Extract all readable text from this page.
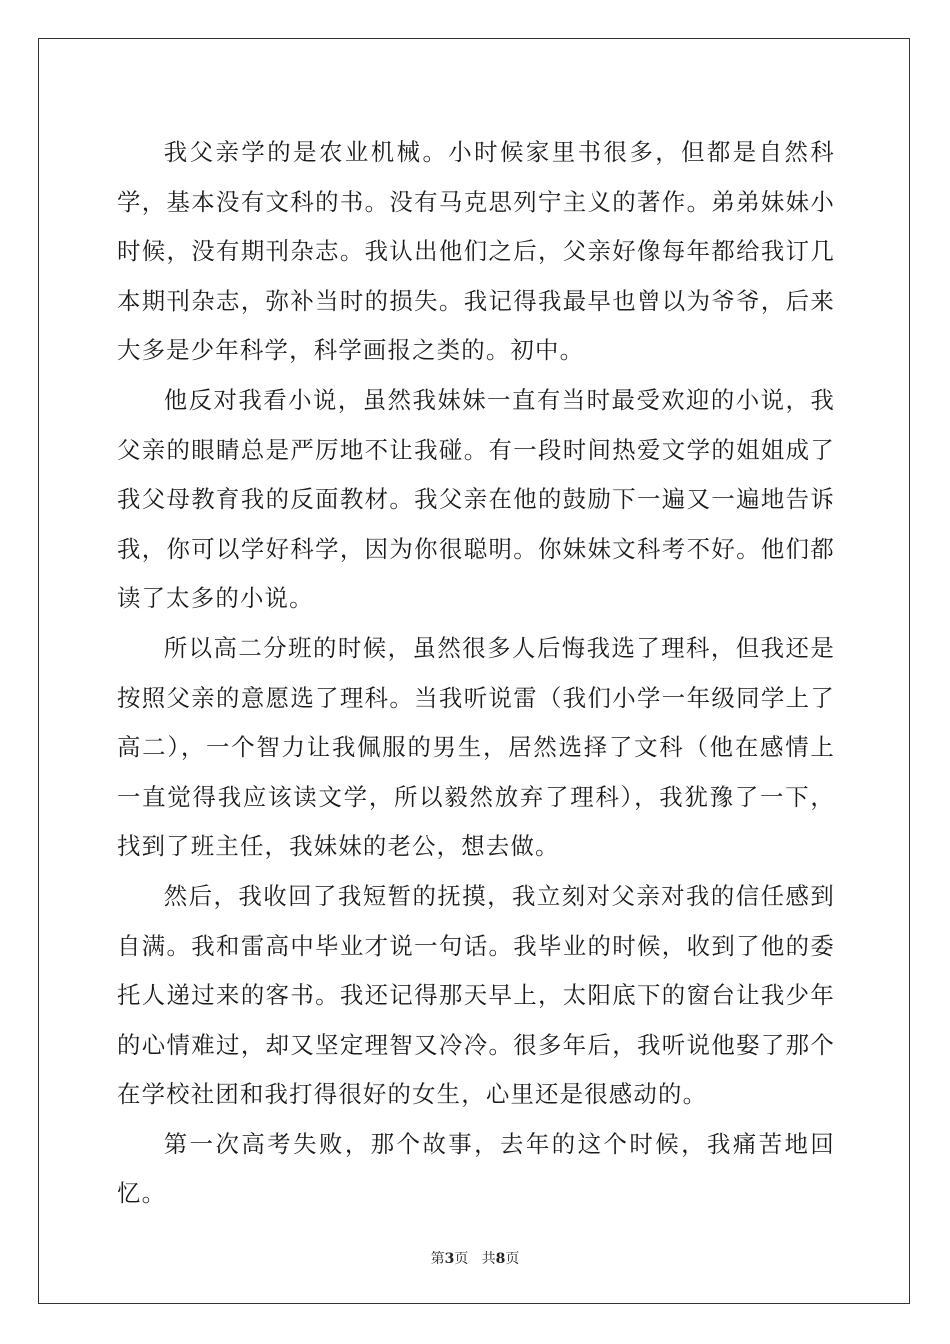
我父亲学的是农业机械。小时候家里书很多，但都是自然科学，基本没有文科的书。没有马克思列宁主义的著作。弟弟妹妹小时候，没有期刊杂志。我认出他们之后，父亲好像每年都给我订几本期刊杂志，弥补当时的损失。我记得我最早也曾以为爷爷，后来大多是少年科学，科学画报之类的。初中。

他反对我看小说，虽然我妹妹一直有当时最受欢迎的小说，我父亲的眼睛总是严厉地不让我碰。有一段时间热爱文学的姐姐成了我父母教育我的反面教材。我父亲在他的鼓励下一遍又一遍地告诉我，你可以学好科学，因为你很聪明。你妹妹文科考不好。他们都读了太多的小说。

所以高二分班的时候，虽然很多人后悔我选了理科，但我还是按照父亲的意愿选了理科。当我听说雷（我们小学一年级同学上了高二），一个智力让我佩服的男生，居然选择了文科（他在感情上一直觉得我应该读文学，所以毅然放弃了理科），我犹豫了一下，找到了班主任，我妹妹的老公，想去做。

然后，我收回了我短暂的抚摸，我立刻对父亲对我的信任感到自满。我和雷高中毕业才说一句话。我毕业的时候，收到了他的委托人递过来的客书。我还记得那天早上，太阳底下的窗台让我少年的心情难过，却又坚定理智又冷冷。很多年后，我听说他娶了那个在学校社团和我打得很好的女生，心里还是很感动的。

第一次高考失败，那个故事，去年的这个时候，我痛苦地回忆。

第3页 共8页
